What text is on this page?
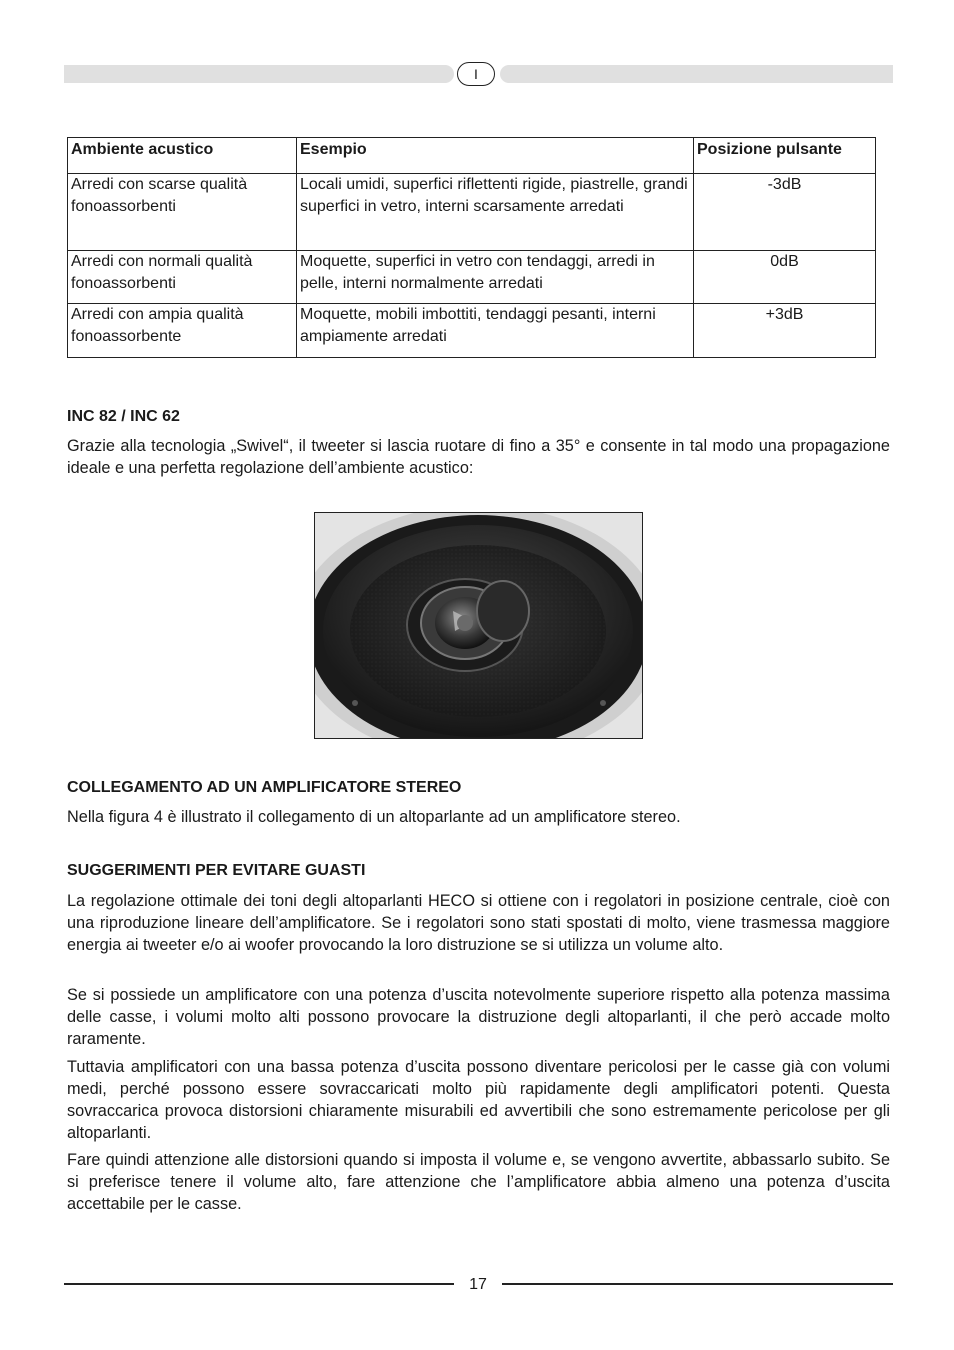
I
Ambiente acustico	Esempio	Posizione pulsante
Arredi con scarse qualità fonoassorbenti	Locali umidi, superfici riflettenti rigide, piastrelle, grandi superfici in vetro, interni scarsamente arredati	-3dB
Arredi con normali qualità fonoassorbenti	Moquette, superfici in vetro con tendaggi, arredi in pelle, interni normalmente arredati	0dB
Arredi con ampia qualità fonoassorbente	Moquette, mobili imbottiti, tendaggi pesanti, interni ampiamente arredati	+3dB
INC 82 / INC 62

Grazie alla tecnologia „Swivel“, il tweeter si lascia ruotare di fino a 35° e consente in tal modo una propagazione ideale e una perfetta regolazione dell’ambiente acustico:

COLLEGAMENTO AD UN AMPLIFICATORE STEREO

Nella figura 4 è illustrato il collegamento di un altoparlante ad un amplificatore stereo.

SUGGERIMENTI PER EVITARE GUASTI

La regolazione ottimale dei toni degli altoparlanti HECO si ottiene con i regolatori in posizione centrale, cioè con una riproduzione lineare dell’amplificatore. Se i regolatori sono stati spostati di molto, viene trasmessa maggiore energia ai tweeter e/o ai woofer provocando la loro distruzione se si utilizza un volume alto.

Se si possiede un amplificatore con una potenza d’uscita notevolmente superiore rispetto alla potenza massima delle casse, i volumi molto alti possono provocare la distruzione degli altoparlanti, il che però accade molto raramente.

Tuttavia amplificatori con una bassa potenza d’uscita possono diventare pericolosi per le casse già con volumi medi, perché possono essere sovraccaricati molto più rapidamente degli amplificatori potenti. Questa sovraccarica provoca distorsioni chiaramente misurabili ed avvertibili che sono estremamente pericolose per gli altoparlanti.

Fare quindi attenzione alle distorsioni quando si imposta il volume e, se vengono avvertite, abbassarlo subito. Se si preferisce tenere il volume alto, fare attenzione che l’amplificatore abbia almeno una potenza d’uscita accettabile per le casse.

17
